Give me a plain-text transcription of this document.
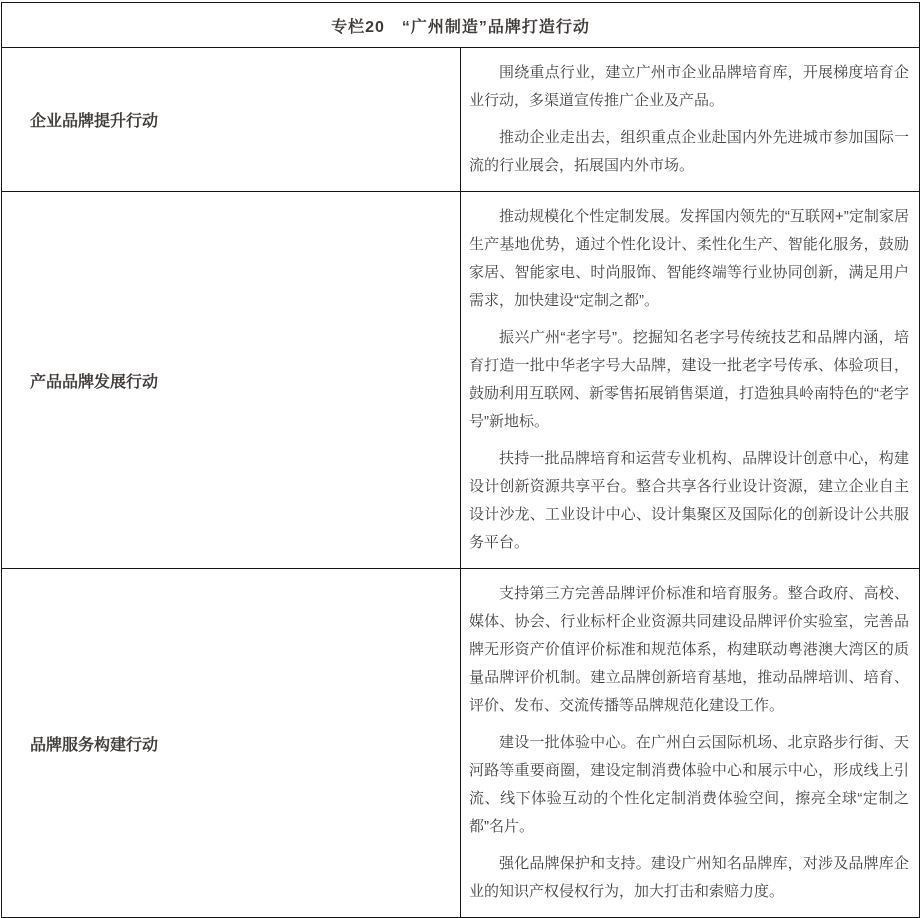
专栏20　“广州制造”品牌打造行动	
企业品牌提升行动	围绕重点行业，建立广州市企业品牌培育库，开展梯度培育企业行动，多渠道宣传推广企业及产品。

推动企业走出去，组织重点企业赴国内外先进城市参加国际一流的行业展会，拓展国内外市场。

产品品牌发展行动	推动规模化个性定制发展。发挥国内领先的“互联网+”定制家居生产基地优势，通过个性化设计、柔性化生产、智能化服务，鼓励家居、智能家电、时尚服饰、智能终端等行业协同创新，满足用户需求，加快建设“定制之都”。

振兴广州“老字号”。挖掘知名老字号传统技艺和品牌内涵，培育打造一批中华老字号大品牌，建设一批老字号传承、体验项目，鼓励利用互联网、新零售拓展销售渠道，打造独具岭南特色的“老字号”新地标。

扶持一批品牌培育和运营专业机构、品牌设计创意中心，构建设计创新资源共享平台。整合共享各行业设计资源，建立企业自主设计沙龙、工业设计中心、设计集聚区及国际化的创新设计公共服务平台。

品牌服务构建行动	支持第三方完善品牌评价标准和培育服务。整合政府、高校、媒体、协会、行业标杆企业资源共同建设品牌评价实验室，完善品牌无形资产价值评价标准和规范体系，构建联动粤港澳大湾区的质量品牌评价机制。建立品牌创新培育基地，推动品牌培训、培育、评价、发布、交流传播等品牌规范化建设工作。

建设一批体验中心。在广州白云国际机场、北京路步行街、天河路等重要商圈，建设定制消费体验中心和展示中心，形成线上引流、线下体验互动的个性化定制消费体验空间，擦亮全球“定制之都”名片。

强化品牌保护和支持。建设广州知名品牌库，对涉及品牌库企业的知识产权侵权行为，加大打击和索赔力度。
